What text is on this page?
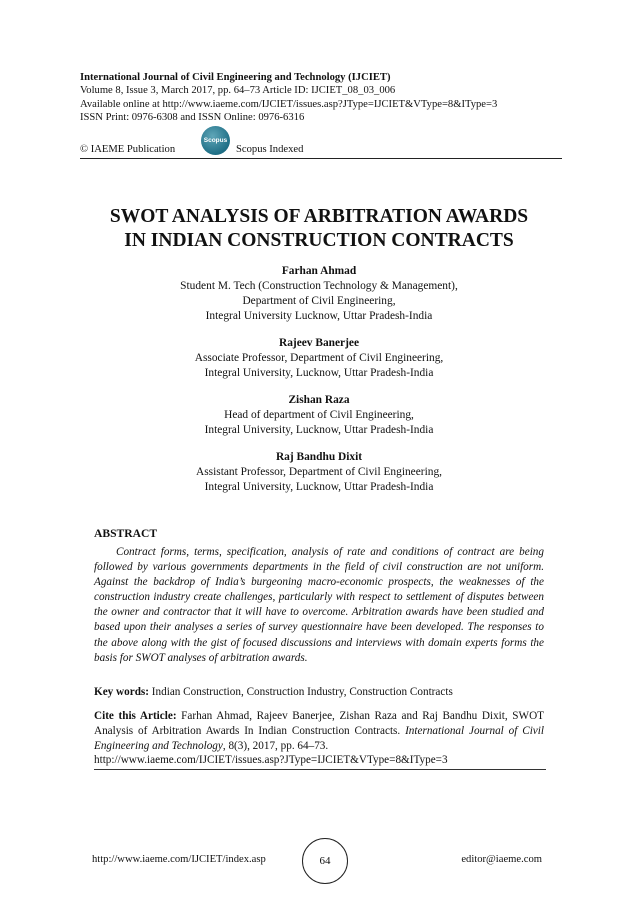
International Journal of Civil Engineering and Technology (IJCIET)
Volume 8, Issue 3, March 2017, pp. 64–73 Article ID: IJCIET_08_03_006
Available online at http://www.iaeme.com/IJCIET/issues.asp?JType=IJCIET&VType=8&IType=3
ISSN Print: 0976-6308 and ISSN Online: 0976-6316
© IAEME Publication
Scopus
Scopus Indexed
SWOT ANALYSIS OF ARBITRATION AWARDS
IN INDIAN CONSTRUCTION CONTRACTS
Farhan Ahmad
Student M. Tech (Construction Technology & Management),
Department of Civil Engineering,
Integral University Lucknow, Uttar Pradesh-India
Rajeev Banerjee
Associate Professor, Department of Civil Engineering,
Integral University, Lucknow, Uttar Pradesh-India
Zishan Raza
Head of department of Civil Engineering,
Integral University, Lucknow, Uttar Pradesh-India
Raj Bandhu Dixit
Assistant Professor, Department of Civil Engineering,
Integral University, Lucknow, Uttar Pradesh-India
ABSTRACT
Contract forms, terms, specification, analysis of rate and conditions of contract are being followed by various governments departments in the field of civil construction are not uniform. Against the backdrop of India’s burgeoning macro-economic prospects, the weaknesses of the construction industry create challenges, particularly with respect to settlement of disputes between the owner and contractor that it will have to overcome. Arbitration awards have been studied and based upon their analyses a series of survey questionnaire have been developed. The responses to the above along with the gist of focused discussions and interviews with domain experts forms the basis for SWOT analyses of arbitration awards.
Key words: Indian Construction, Construction Industry, Construction Contracts
Cite this Article: Farhan Ahmad, Rajeev Banerjee, Zishan Raza and Raj Bandhu Dixit, SWOT Analysis of Arbitration Awards In Indian Construction Contracts. International Journal of Civil Engineering and Technology, 8(3), 2017, pp. 64–73.
http://www.iaeme.com/IJCIET/issues.asp?JType=IJCIET&VType=8&IType=3
http://www.iaeme.com/IJCIET/index.asp	64	editor@iaeme.com
